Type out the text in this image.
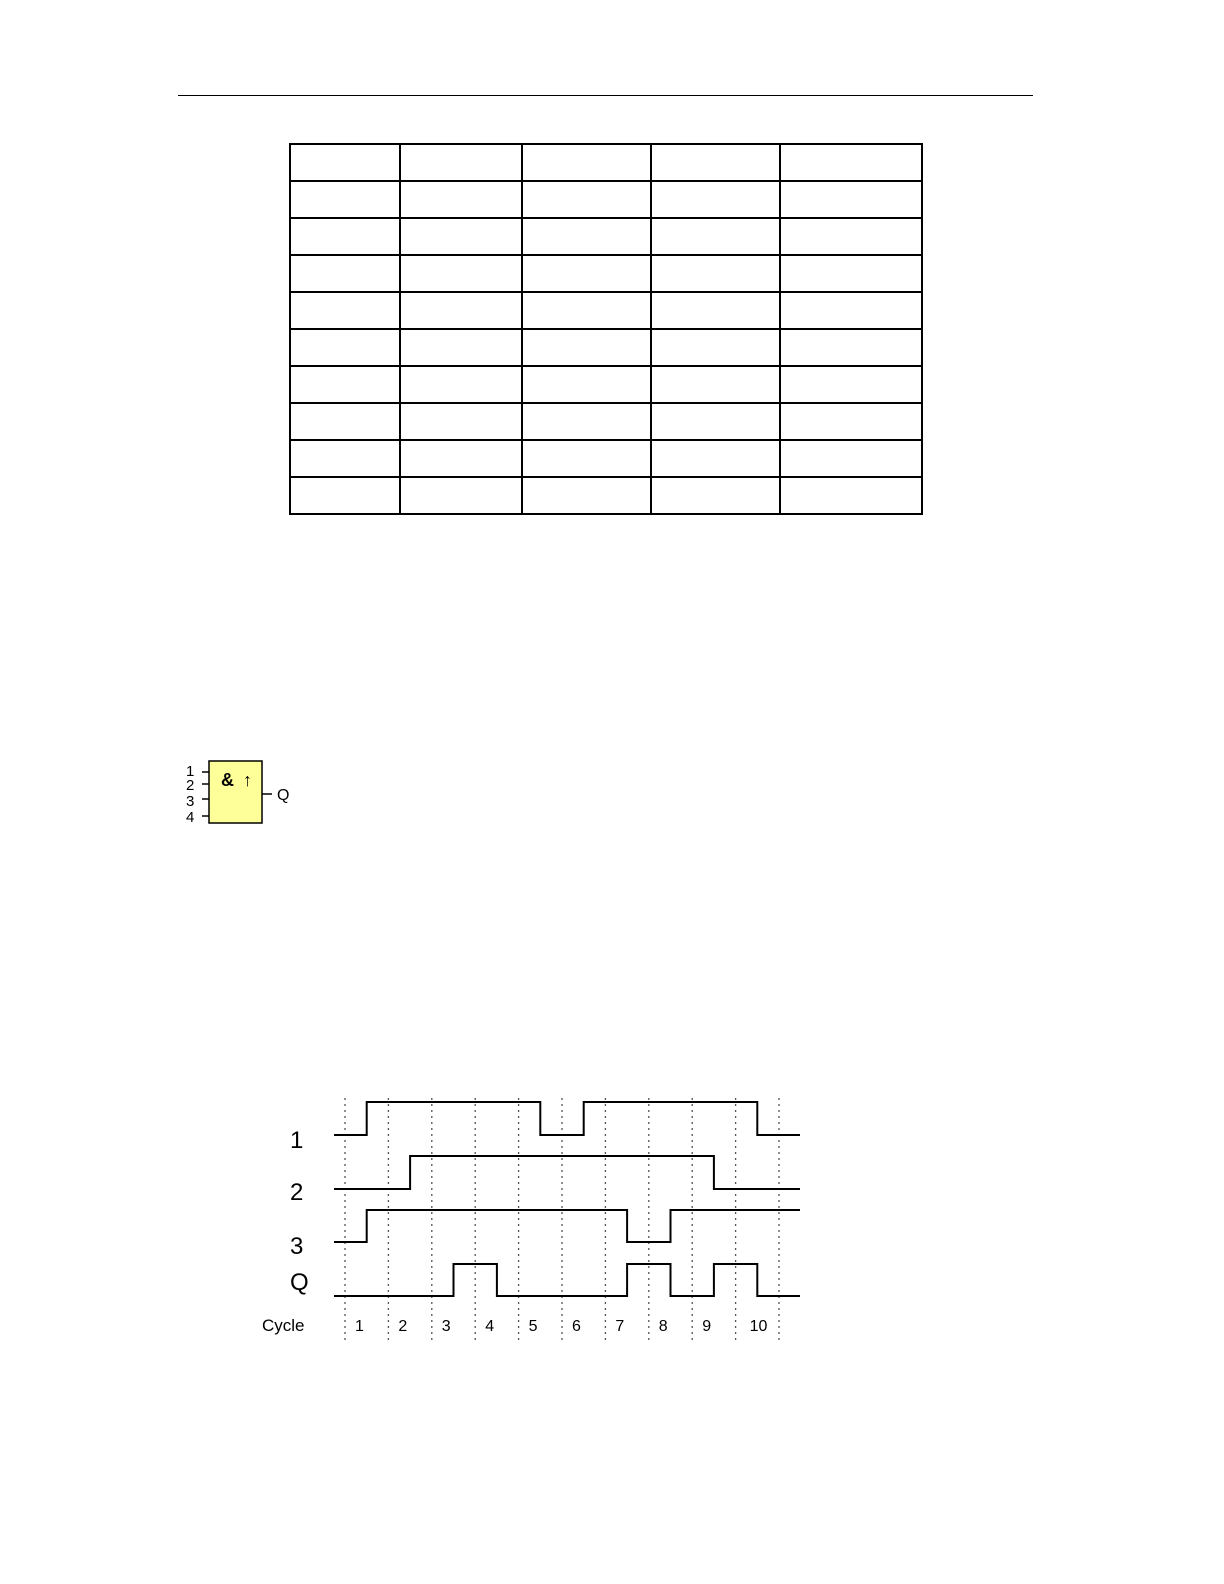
1
2
3
4
& ↑
Q
1
2
3
Q
Cycle	1 2 3 4 5 6 7 8 9 10
